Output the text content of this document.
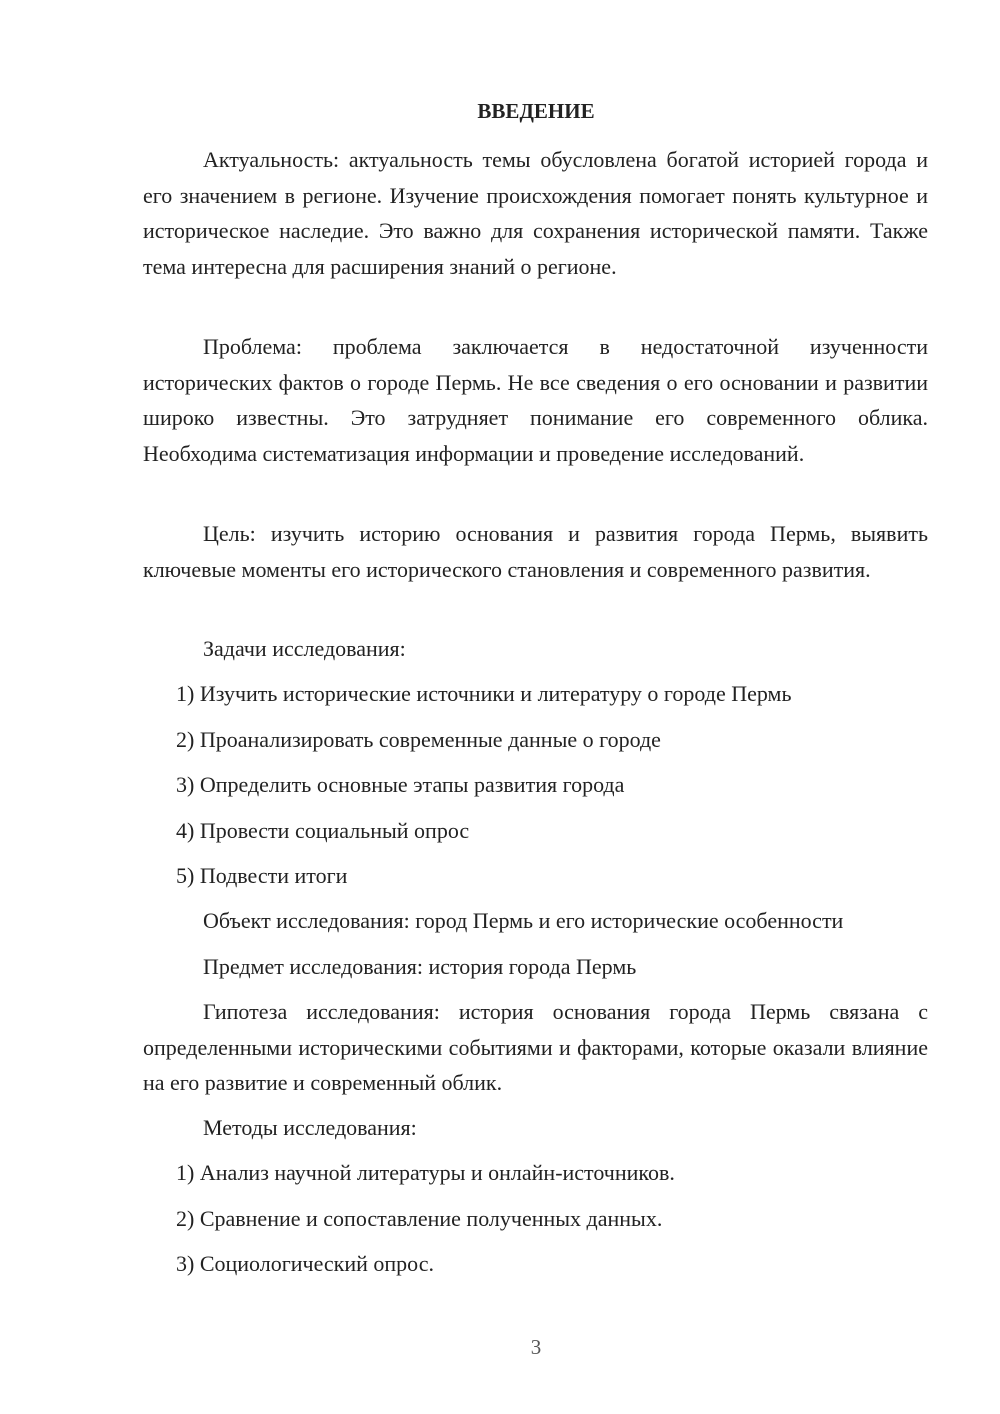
ВВЕДЕНИЕ

Актуальность: актуальность темы обусловлена богатой историей города и его значением в регионе. Изучение происхождения помогает понять культурное и историческое наследие. Это важно для сохранения исторической памяти. Также тема интересна для расширения знаний о регионе.

Проблема: проблема заключается в недостаточной изученности исторических фактов о городе Пермь. Не все сведения о его основании и развитии широко известны. Это затрудняет понимание его современного облика. Необходима систематизация информации и проведение исследований.

Цель: изучить историю основания и развития города Пермь, выявить ключевые моменты его исторического становления и современного развития.

Задачи исследования:

1) Изучить исторические источники и литературу о городе Пермь

2) Проанализировать современные данные о городе

3) Определить основные этапы развития города

4) Провести социальный опрос

5) Подвести итоги

Объект исследования: город Пермь и его исторические особенности

Предмет исследования: история города Пермь

Гипотеза исследования: история основания города Пермь связана с определенными историческими событиями и факторами, которые оказали влияние на его развитие и современный облик.

Методы исследования:

1) Анализ научной литературы и онлайн-источников.

2) Сравнение и сопоставление полученных данных.

3) Социологический опрос.

3
